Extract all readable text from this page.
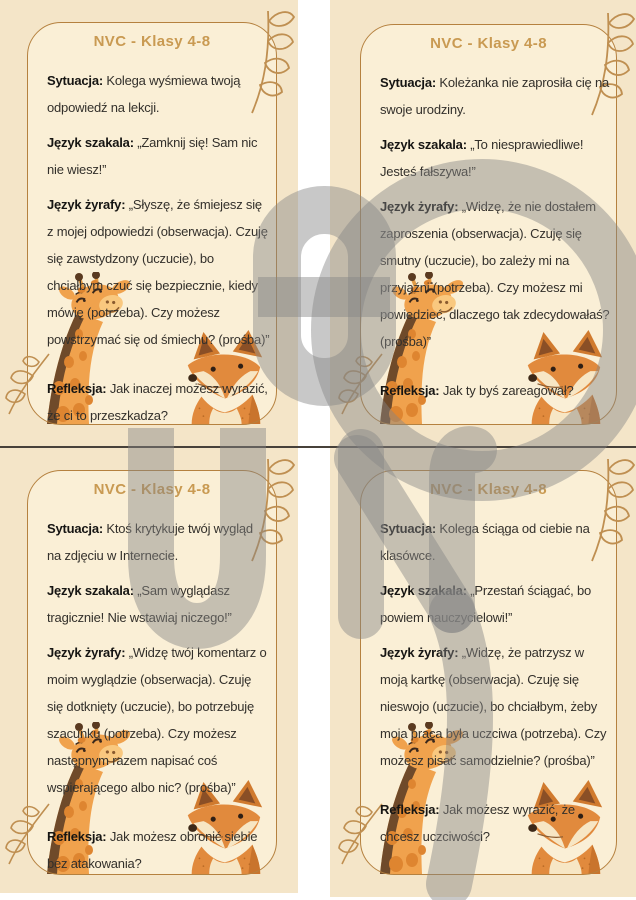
NVC - Klasy 4-8

Sytuacja: Kolega wyśmiewa twoją odpowiedź na lekcji.

Język szakala: „Zamknij się! Sam nic nie wiesz!”

Język żyrafy: „Słyszę, że śmiejesz się z mojej odpowiedzi (obserwacja). Czuję się zawstydzony (uczucie), bo chciałbym czuć się bezpiecznie, kiedy mówię (potrzeba). Czy możesz powstrzymać się od śmiechu? (prośba)”

Refleksja: Jak inaczej możesz wyrazić, że ci to przeszkadza?

NVC - Klasy 4-8

Sytuacja: Koleżanka nie zaprosiła cię na swoje urodziny.

Język szakala: „To niesprawiedliwe! Jesteś fałszywa!”

Język żyrafy: „Widzę, że nie dostałem zaproszenia (obserwacja). Czuję się smutny (uczucie), bo zależy mi na przyjaźni (potrzeba). Czy możesz mi powiedzieć, dlaczego tak zdecydowałaś? (prośba)”

Refleksja: Jak ty byś zareagował?

NVC - Klasy 4-8

Sytuacja: Ktoś krytykuje twój wygląd na zdjęciu w Internecie.

Język szakala: „Sam wyglądasz tragicznie! Nie wstawiaj niczego!”

Język żyrafy: „Widzę twój komentarz o moim wyglądzie (obserwacja). Czuję się dotknięty (uczucie), bo potrzebuję szacunku (potrzeba). Czy możesz następnym razem napisać coś wspierającego albo nic? (prośba)”

Refleksja: Jak możesz obronić siebie bez atakowania?

NVC - Klasy 4-8

Sytuacja: Kolega ściąga od ciebie na klasówce.

Język szakala: „Przestań ściągać, bo powiem nauczycielowi!”

Język żyrafy: „Widzę, że patrzysz w moją kartkę (obserwacja). Czuję się nieswojo (uczucie), bo chciałbym, żeby moja praca była uczciwa (potrzeba). Czy możesz pisać samodzielnie? (prośba)”

Refleksja: Jak możesz wyrazić, że chcesz uczciwości?
